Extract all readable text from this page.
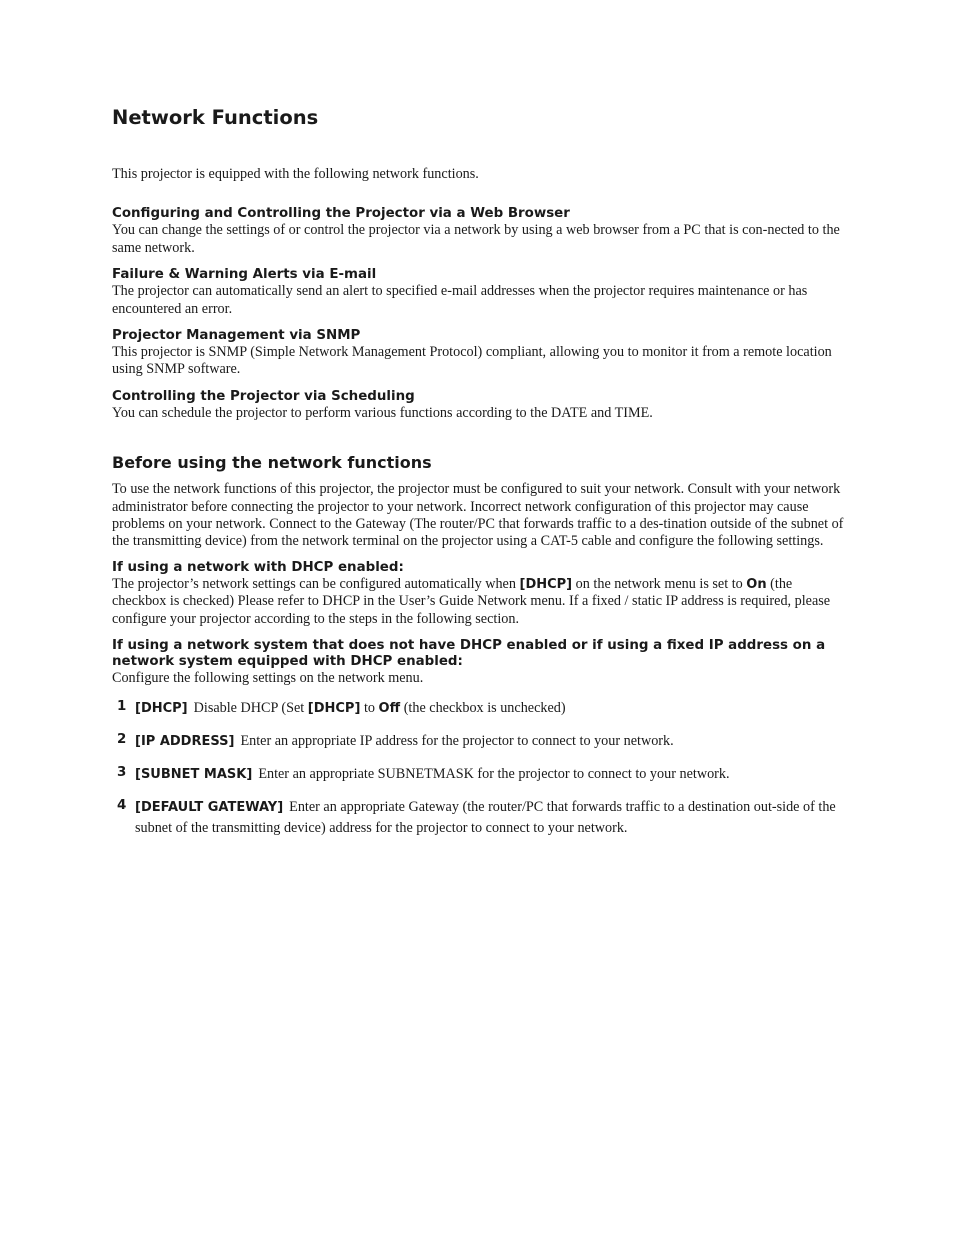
Network Functions

This projector is equipped with the following network functions.

Configuring and Controlling the Projector via a Web Browser

You can change the settings of or control the projector via a network by using a web browser from a PC that is con-nected to the same network.

Failure & Warning Alerts via E-mail

The projector can automatically send an alert to specified e-mail addresses when the projector requires maintenance or has encountered an error.

Projector Management via SNMP

This projector is SNMP (Simple Network Management Protocol) compliant, allowing you to monitor it from a remote location using SNMP software.

Controlling the Projector via Scheduling

You can schedule the projector to perform various functions according to the DATE and TIME.

Before using the network functions

To use the network functions of this projector, the projector must be configured to suit your network. Consult with your network administrator before connecting the projector to your network. Incorrect network configuration of this projector may cause problems on your network. Connect to the Gateway (The router/PC that forwards traffic to a des-tination outside of the subnet of the transmitting device) from the network terminal on the projector using a CAT-5 cable and configure the following settings.

If using a network with DHCP enabled:

The projector’s network settings can be configured automatically when [DHCP] on the network menu is set to On (the checkbox is checked) Please refer to DHCP in the User’s Guide Network menu. If a fixed / static IP address is required, please configure your projector according to the steps in the following section.

If using a network system that does not have DHCP enabled or if using a fixed IP address on a network system equipped with DHCP enabled:

Configure the following settings on the network menu.

1 [DHCP] Disable DHCP (Set [DHCP] to Off (the checkbox is unchecked)
2 [IP ADDRESS] Enter an appropriate IP address for the projector to connect to your network.
3 [SUBNET MASK] Enter an appropriate SUBNETMASK for the projector to connect to your network.
4 [DEFAULT GATEWAY] Enter an appropriate Gateway (the router/PC that forwards traffic to a destination out-side of the subnet of the transmitting device) address for the projector to connect to your network.
